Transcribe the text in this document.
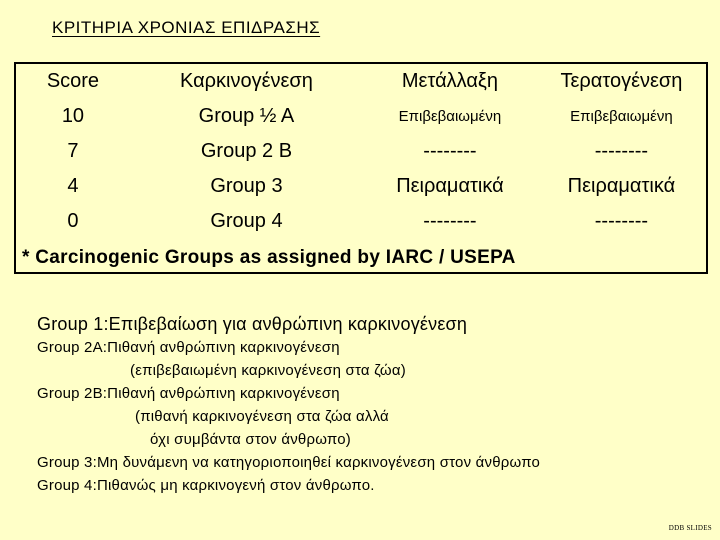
ΚΡΙΤΗΡΙΑ ΧΡΟΝΙΑΣ ΕΠΙΔΡΑΣΗΣ
Score	Καρκινογένεση	Μετάλλαξη	Τερατογένεση
10	Group ½ A	Επιβεβαιωμένη	Επιβεβαιωμένη
7	Group 2 B	--------	--------
4	Group 3	Πειραματικά	Πειραματικά
0	Group 4	--------	--------
* Carcinogenic Groups as assigned by IARC / USEPA
Group 1:Επιβεβαίωση για ανθρώπινη καρκινογένεση
Group 2A:Πιθανή ανθρώπινη καρκινογένεση
(επιβεβαιωμένη καρκινογένεση στα ζώα)
Group 2B:Πιθανή ανθρώπινη καρκινογένεση
(πιθανή καρκινογένεση στα ζώα αλλά
όχι συμβάντα στον άνθρωπο)
Group 3:Μη δυνάμενη να κατηγοριοποιηθεί καρκινογένεση στον άνθρωπο
Group 4:Πιθανώς μη καρκινογενή στον άνθρωπο.
DDB SLIDES
